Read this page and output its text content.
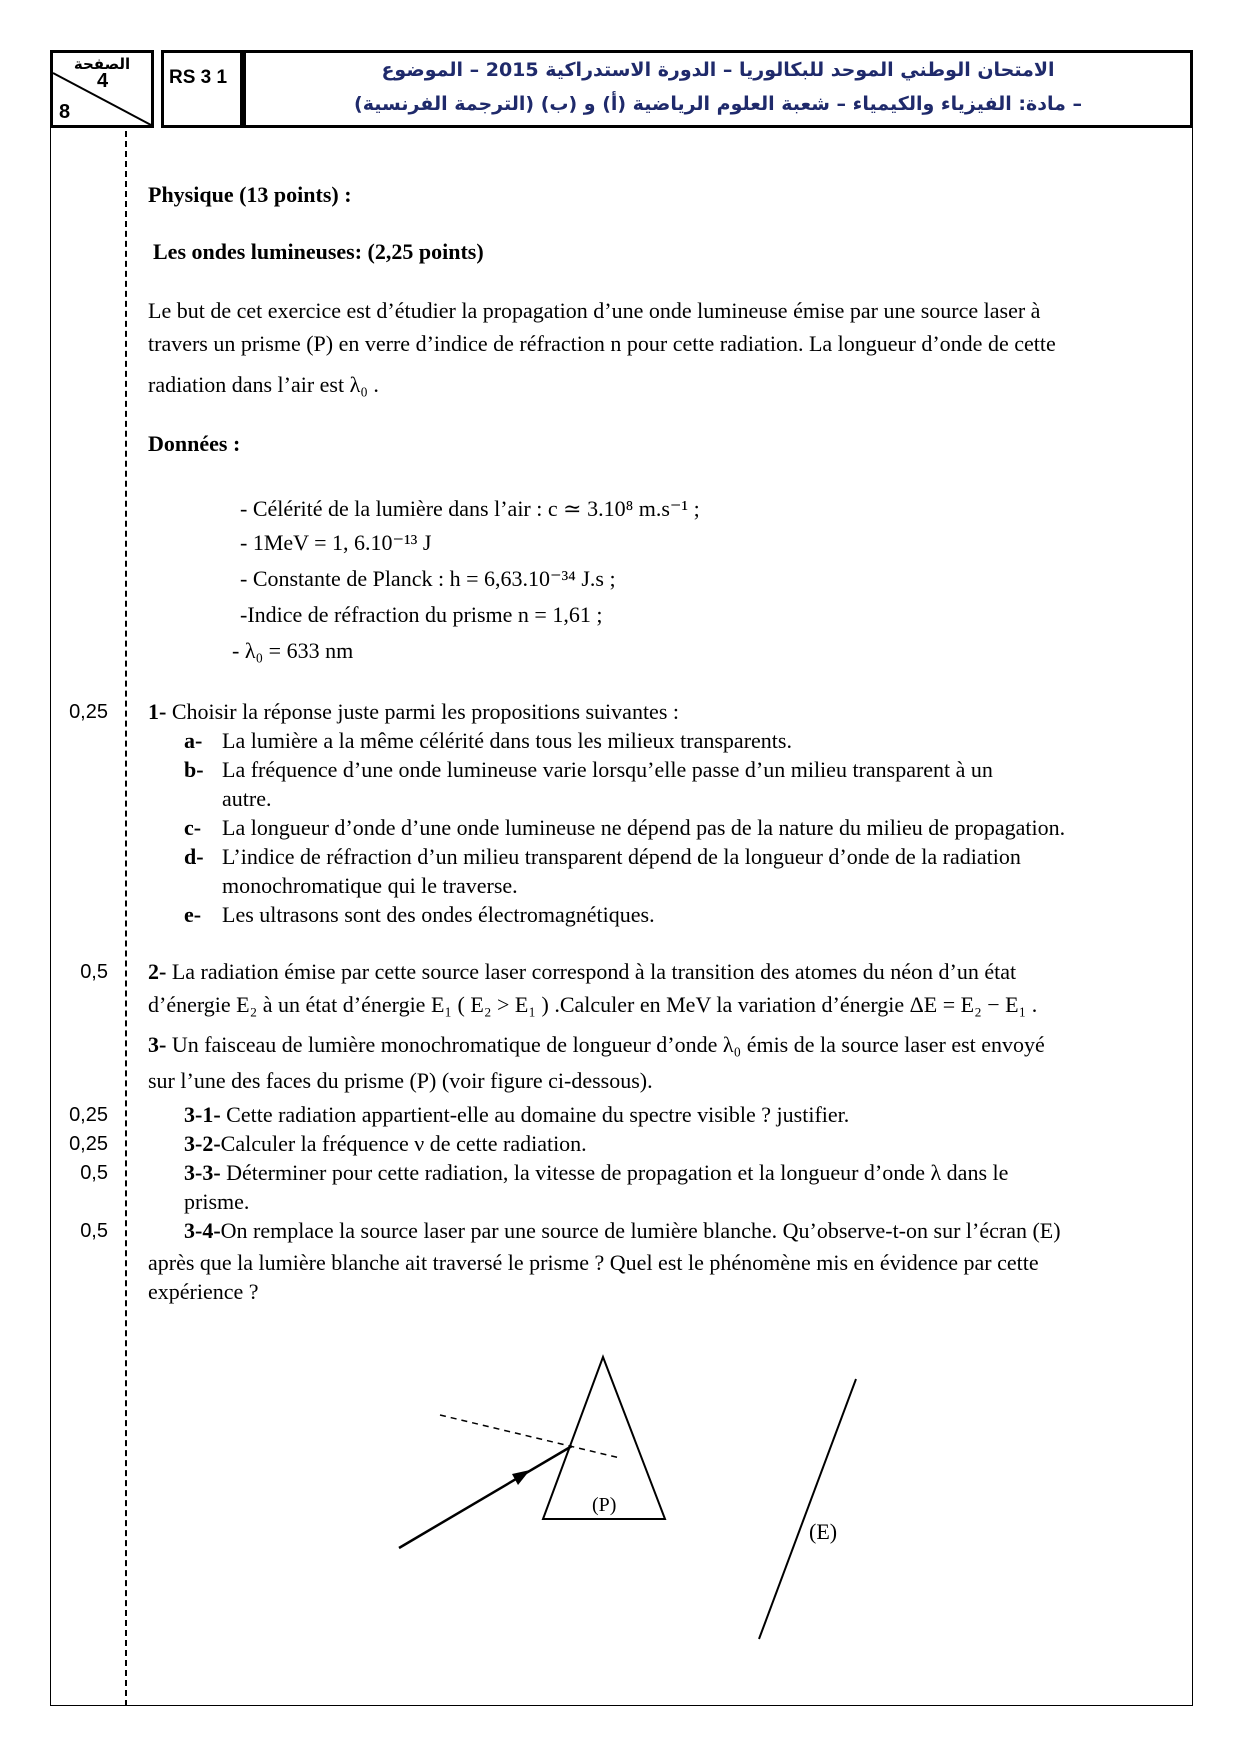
الصفحة
4
8
RS 3 1	الامتحان الوطني الموحد للبكالوريا – الدورة الاستدراكية 2015 – الموضوع
– مادة: الفيزياء والكيمياء – شعبة العلوم الرياضية (أ) و (ب) (الترجمة الفرنسية)
Physique (13 points) :
Les ondes lumineuses: (2,25 points)
Le but de cet exercice est d’étudier la propagation d’une onde lumineuse émise par une source laser à
travers un prisme (P) en verre d’indice de réfraction n pour cette radiation. La longueur d’onde de cette
radiation dans l’air est λ₀ .
Données :
- Célérité de la lumière dans l’air : c ≃ 3.10⁸ m.s⁻¹ ;
- 1MeV = 1, 6.10⁻¹³ J
- Constante de Planck : h = 6,63.10⁻³⁴ J.s ;
-Indice de réfraction du prisme n = 1,61 ;
- λ₀ = 633 nm
1- Choisir la réponse juste parmi les propositions suivantes :
a- La lumière a la même célérité dans tous les milieux transparents.
b- La fréquence d’une onde lumineuse varie lorsqu’elle passe d’un milieu transparent à un
autre.
c- La longueur d’onde d’une onde lumineuse ne dépend pas de la nature du milieu de propagation.
d- L’indice de réfraction d’un milieu transparent dépend de la longueur d’onde de la radiation
monochromatique qui le traverse.
e- Les ultrasons sont des ondes électromagnétiques.
2- La radiation émise par cette source laser correspond à la transition des atomes du néon d’un état
d’énergie E₂ à un état d’énergie E₁ ( E₂ > E₁ ) .Calculer en MeV la variation d’énergie ΔE = E₂ − E₁ .
3- Un faisceau de lumière monochromatique de longueur d’onde λ₀ émis de la source laser est envoyé
sur l’une des faces du prisme (P) (voir figure ci-dessous).
3-1- Cette radiation appartient-elle au domaine du spectre visible ? justifier.
3-2-Calculer la fréquence ν de cette radiation.
3-3- Déterminer pour cette radiation, la vitesse de propagation et la longueur d’onde λ dans le
prisme.
3-4-On remplace la source laser par une source de lumière blanche. Qu’observe-t-on sur l’écran (E)
après que la lumière blanche ait traversé le prisme ? Quel est le phénomène mis en évidence par cette
expérience ?
0,25
0,5
0,25
0,25
0,5
0,5
(P)
(E)
